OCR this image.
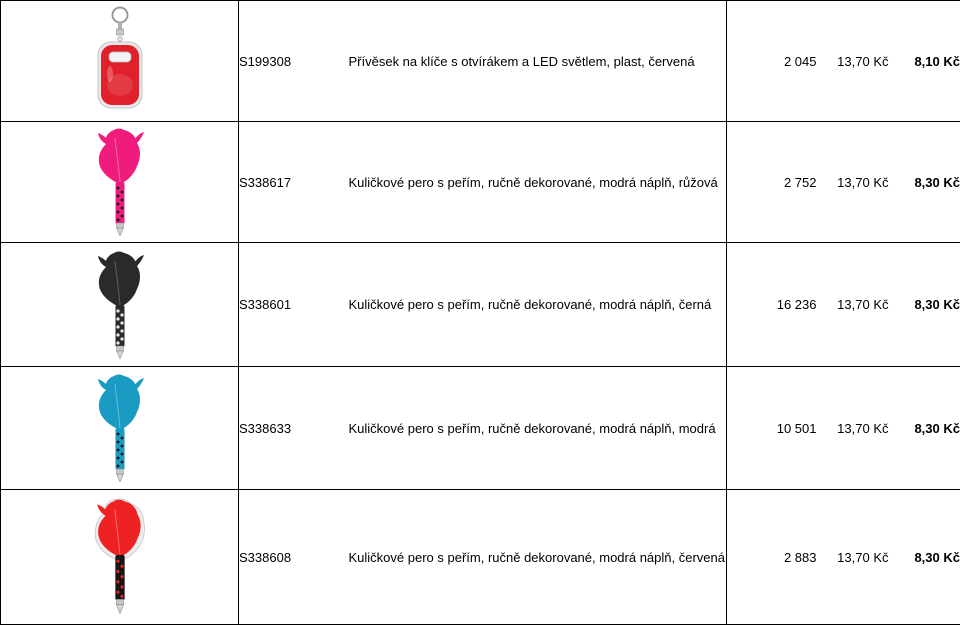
	S199308	Přívěsek na klíče s otvírákem a LED světlem, plast, červená	2 045	13,70 Kč	8,10 Kč

	S338617	Kuličkové pero s peřím, ručně dekorované, modrá náplň, růžová	2 752	13,70 Kč	8,30 Kč

	S338601	Kuličkové pero s peřím, ručně dekorované, modrá náplň, černá	16 236	13,70 Kč	8,30 Kč

	S338633	Kuličkové pero s peřím, ručně dekorované, modrá náplň, modrá	10 501	13,70 Kč	8,30 Kč

	S338608	Kuličkové pero s peřím, ručně dekorované, modrá náplň, červená	2 883	13,70 Kč	8,30 Kč
